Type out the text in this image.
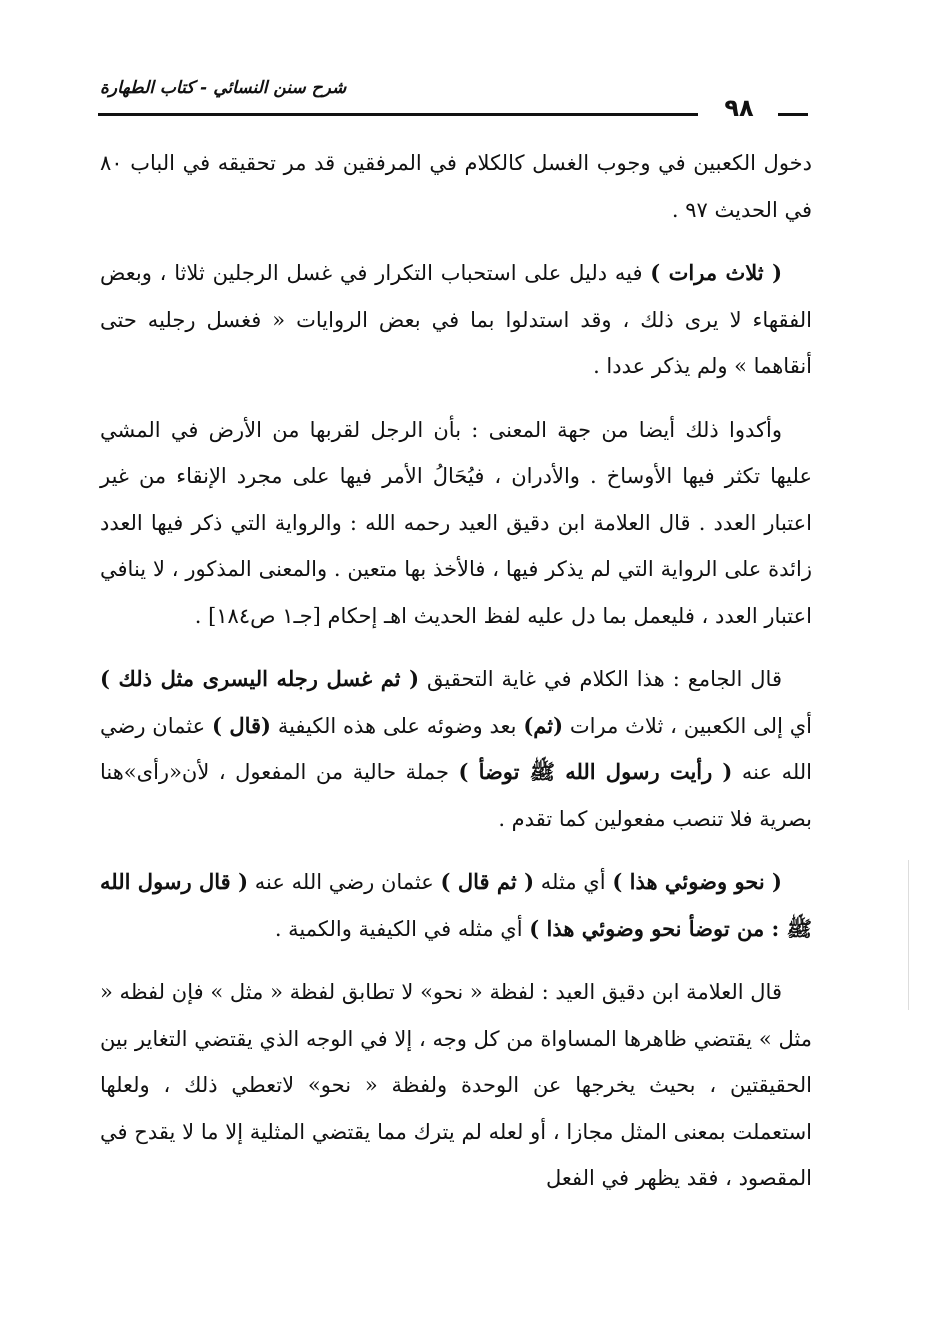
شرح سنن النسائي - كتاب الطهارة
٩٨

دخول الكعبين في وجوب الغسل كالكلام في المرفقين قد مر تحقيقه في الباب ٨٠ في الحديث ٩٧ .

( ثلاث مرات ) فيه دليل على استحباب التكرار في غسل الرجلين ثلاثا ، وبعض الفقهاء لا يرى ذلك ، وقد استدلوا بما في بعض الروايات « فغسل رجليه حتى أنقاهما » ولم يذكر عددا .

وأكدوا ذلك أيضا من جهة المعنى : بأن الرجل لقربها من الأرض في المشي عليها تكثر فيها الأوساخ . والأدران ، فيُحَالُ الأمر فيها على مجرد الإنقاء من غير اعتبار العدد . قال العلامة ابن دقيق العيد رحمه الله : والرواية التي ذكر فيها العدد زائدة على الرواية التي لم يذكر فيها ، فالأخذ بها متعين . والمعنى المذكور ، لا ينافي اعتبار العدد ، فليعمل بما دل عليه لفظ الحديث اهـ إحكام [جـ١ ص١٨٤] .

قال الجامع : هذا الكلام في غاية التحقيق ( ثم غسل رجله اليسرى مثل ذلك ) أي إلى الكعبين ، ثلاث مرات (ثم) بعد وضوئه على هذه الكيفية (قال ) عثمان رضي الله عنه ( رأيت رسول الله ﷺ توضأ ) جملة حالية من المفعول ، لأن«رأى»هنا بصرية فلا تنصب مفعولين كما تقدم .

( نحو وضوئي هذا ) أي مثله ( ثم قال ) عثمان رضي الله عنه ( قال رسول الله ﷺ : من توضأ نحو وضوئي هذا ) أي مثله في الكيفية والكمية .

قال العلامة ابن دقيق العيد : لفظة « نحو» لا تطابق لفظة « مثل » فإن لفظه « مثل » يقتضي ظاهرها المساواة من كل وجه ، إلا في الوجه الذي يقتضي التغاير بين الحقيقتين ، بحيث يخرجها عن الوحدة ولفظة « نحو» لاتعطي ذلك ، ولعلها استعملت بمعنى المثل مجازا ، أو لعله لم يترك مما يقتضي المثلية إلا ما لا يقدح في المقصود ، فقد يظهر في الفعل
